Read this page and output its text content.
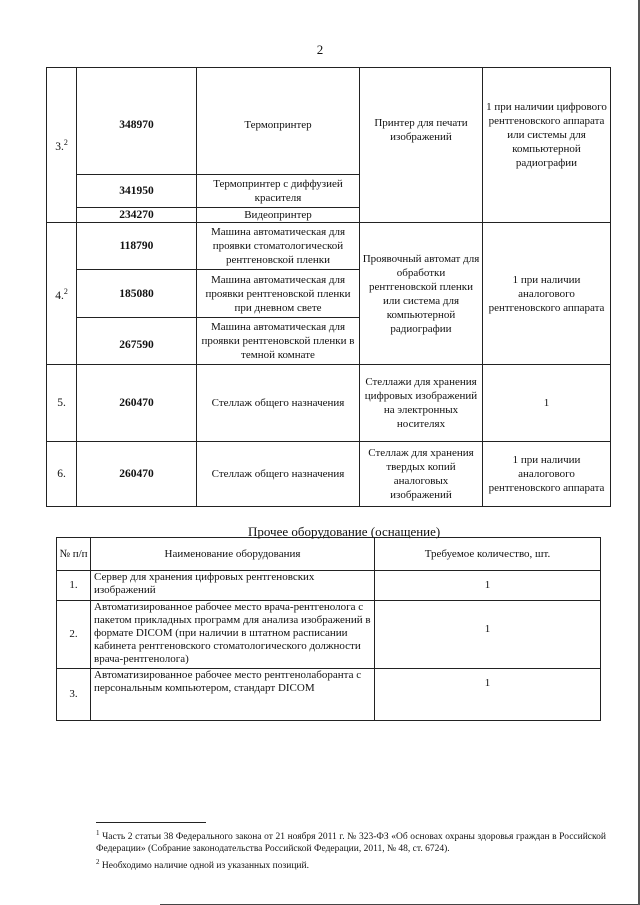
2
3.$^2$	348970	Термопринтер	Принтер для печати изображений	1 при наличии цифрового рентгеновского аппарата или системы для компьютерной радиографии
	341950	Термопринтер с диффузией красителя		
	234270	Видеопринтер		
4.$^2$	118790	Машина автоматическая для проявки стоматологической рентгеновской пленки	Проявочный автомат для обработки рентгеновской пленки или система для компьютерной радиографии	1 при наличии аналогового рентгеновского аппарата
	185080	Машина автоматическая для проявки рентгеновской пленки при дневном свете		
	267590	Машина автоматическая для проявки рентгеновской пленки в темной комнате		
5.	260470	Стеллаж общего назначения	Стеллажи для хранения цифровых изображений на электронных носителях	1
6.	260470	Стеллаж общего назначения	Стеллаж для хранения твердых копий аналоговых изображений	1 при наличии аналогового рентгеновского аппарата
Прочее оборудование (оснащение)
№ п/п	Наименование оборудования	Требуемое количество, шт.
1.	Сервер для хранения цифровых рентгеновских изображений	1
2.	Автоматизированное рабочее место врача-рентгенолога с пакетом прикладных программ для анализа изображений в формате DICOM (при наличии в штатном расписании кабинета рентгеновского стоматологического должности врача-рентгенолога)	1
3.	Автоматизированное рабочее место рентгенолаборанта с персональным компьютером, стандарт DICOM	1

$^1$ Часть 2 статьи 38 Федерального закона от 21 ноября 2011 г. № 323-ФЗ «Об основах охраны здоровья граждан в Российской Федерации» (Собрание законодательства Российской Федерации, 2011, № 48, ст. 6724).

$^2$ Необходимо наличие одной из указанных позиций.
